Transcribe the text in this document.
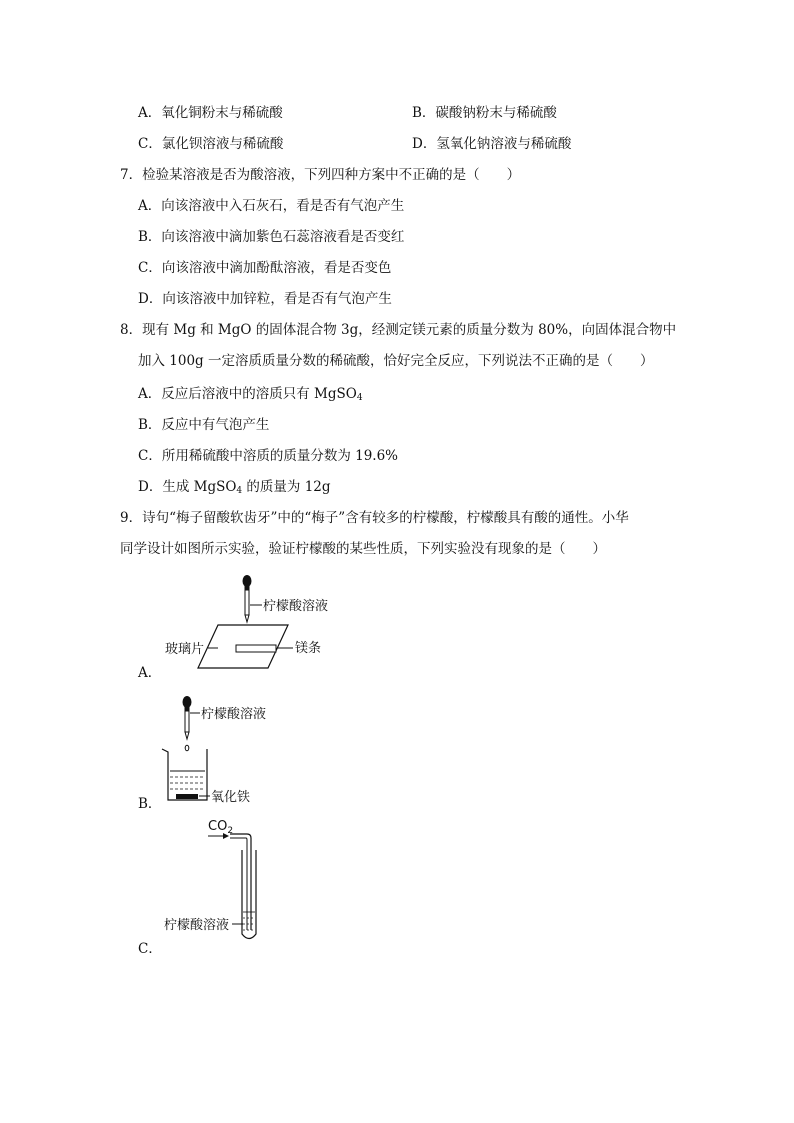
A．氧化铜粉末与稀硫酸	B．碳酸钠粉末与稀硫酸
C．氯化钡溶液与稀硫酸	D．氢氧化钠溶液与稀硫酸
7．检验某溶液是否为酸溶液，下列四种方案中不正确的是（　　）
A．向该溶液中入石灰石，看是否有气泡产生
B．向该溶液中滴加紫色石蕊溶液看是否变红
C．向该溶液中滴加酚酞溶液，看是否变色
D．向该溶液中加锌粒，看是否有气泡产生
8．现有 Mg 和 MgO 的固体混合物 3g，经测定镁元素的质量分数为 80%，向固体混合物中
加入 100g 一定溶质质量分数的稀硫酸，恰好完全反应，下列说法不正确的是（　　）
A．反应后溶液中的溶质只有 MgSO$_4$
B．反应中有气泡产生
C．所用稀硫酸中溶质的质量分数为 19.6%
D．生成 MgSO$_4$ 的质量为 12g
9．诗句“梅子留酸软齿牙”中的“梅子”含有较多的柠檬酸，柠檬酸具有酸的通性。小华
同学设计如图所示实验，验证柠檬酸的某些性质，下列实验没有现象的是（　　）
A．
B．
C．
柠檬酸溶液
玻璃片	镁条
柠檬酸溶液
氧化铁
$CO_2$
柠檬酸溶液
